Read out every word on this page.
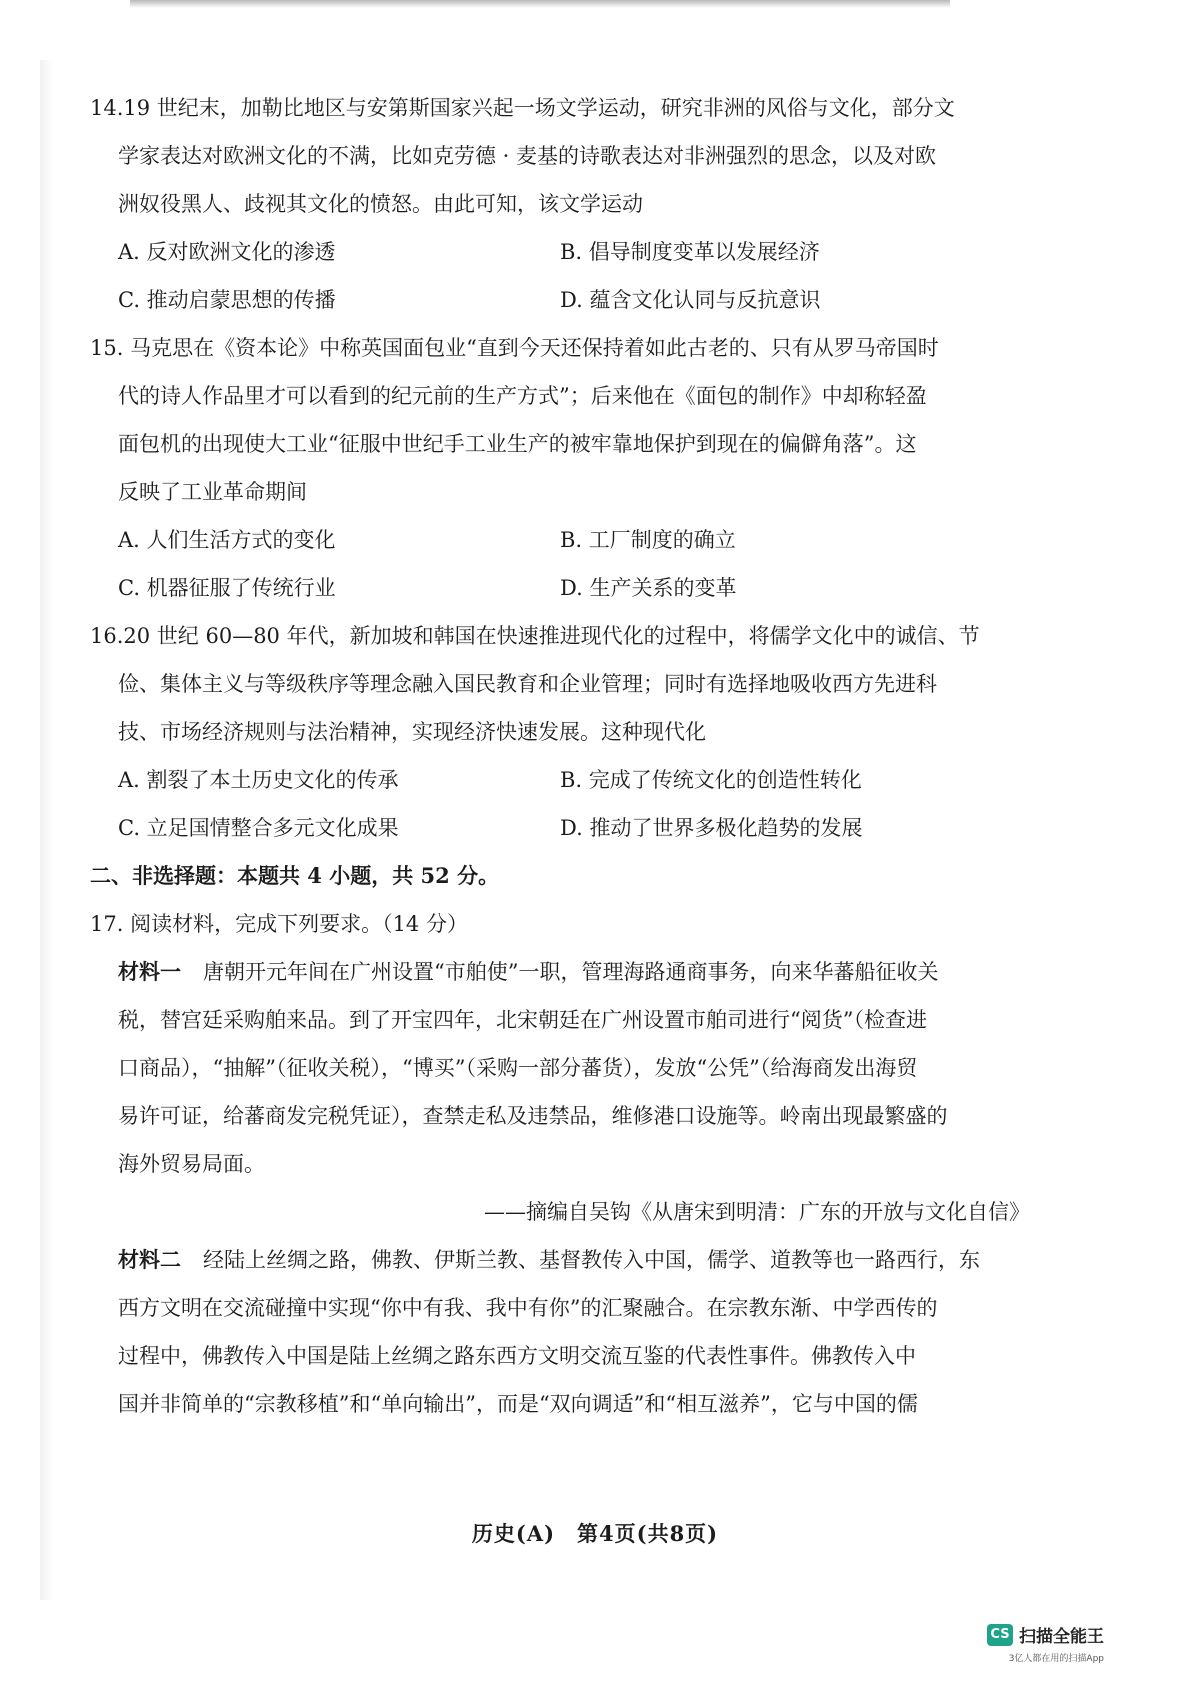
14.19 世纪末，加勒比地区与安第斯国家兴起一场文学运动，研究非洲的风俗与文化，部分文
学家表达对欧洲文化的不满，比如克劳德 · 麦基的诗歌表达对非洲强烈的思念，以及对欧
洲奴役黑人、歧视其文化的愤怒。由此可知，该文学运动
A. 反对欧洲文化的渗透	B. 倡导制度变革以发展经济
C. 推动启蒙思想的传播	D. 蕴含文化认同与反抗意识
15. 马克思在《资本论》中称英国面包业“直到今天还保持着如此古老的、只有从罗马帝国时
代的诗人作品里才可以看到的纪元前的生产方式”；后来他在《面包的制作》中却称轻盈
面包机的出现使大工业“征服中世纪手工业生产的被牢靠地保护到现在的偏僻角落”。这
反映了工业革命期间
A. 人们生活方式的变化	B. 工厂制度的确立
C. 机器征服了传统行业	D. 生产关系的变革
16.20 世纪 60—80 年代，新加坡和韩国在快速推进现代化的过程中，将儒学文化中的诚信、节
俭、集体主义与等级秩序等理念融入国民教育和企业管理；同时有选择地吸收西方先进科
技、市场经济规则与法治精神，实现经济快速发展。这种现代化
A. 割裂了本土历史文化的传承	B. 完成了传统文化的创造性转化
C. 立足国情整合多元文化成果	D. 推动了世界多极化趋势的发展
二、非选择题：本题共 4 小题，共 52 分。
17. 阅读材料，完成下列要求。（14 分）
材料一 唐朝开元年间在广州设置“市舶使”一职，管理海路通商事务，向来华蕃船征收关
税，替宫廷采购舶来品。到了开宝四年，北宋朝廷在广州设置市舶司进行“阅货”（检查进
口商品），“抽解”（征收关税），“博买”（采购一部分蕃货），发放“公凭”（给海商发出海贸
易许可证，给蕃商发完税凭证），查禁走私及违禁品，维修港口设施等。岭南出现最繁盛的
海外贸易局面。
——摘编自吴钩《从唐宋到明清：广东的开放与文化自信》
材料二 经陆上丝绸之路，佛教、伊斯兰教、基督教传入中国，儒学、道教等也一路西行，东
西方文明在交流碰撞中实现“你中有我、我中有你”的汇聚融合。在宗教东渐、中学西传的
过程中，佛教传入中国是陆上丝绸之路东西方文明交流互鉴的代表性事件。佛教传入中
国并非简单的“宗教移植”和“单向输出”，而是“双向调适”和“相互滋养”，它与中国的儒
历史(A)　第4页(共8页)
CS 扫描全能王
3亿人都在用的扫描App
